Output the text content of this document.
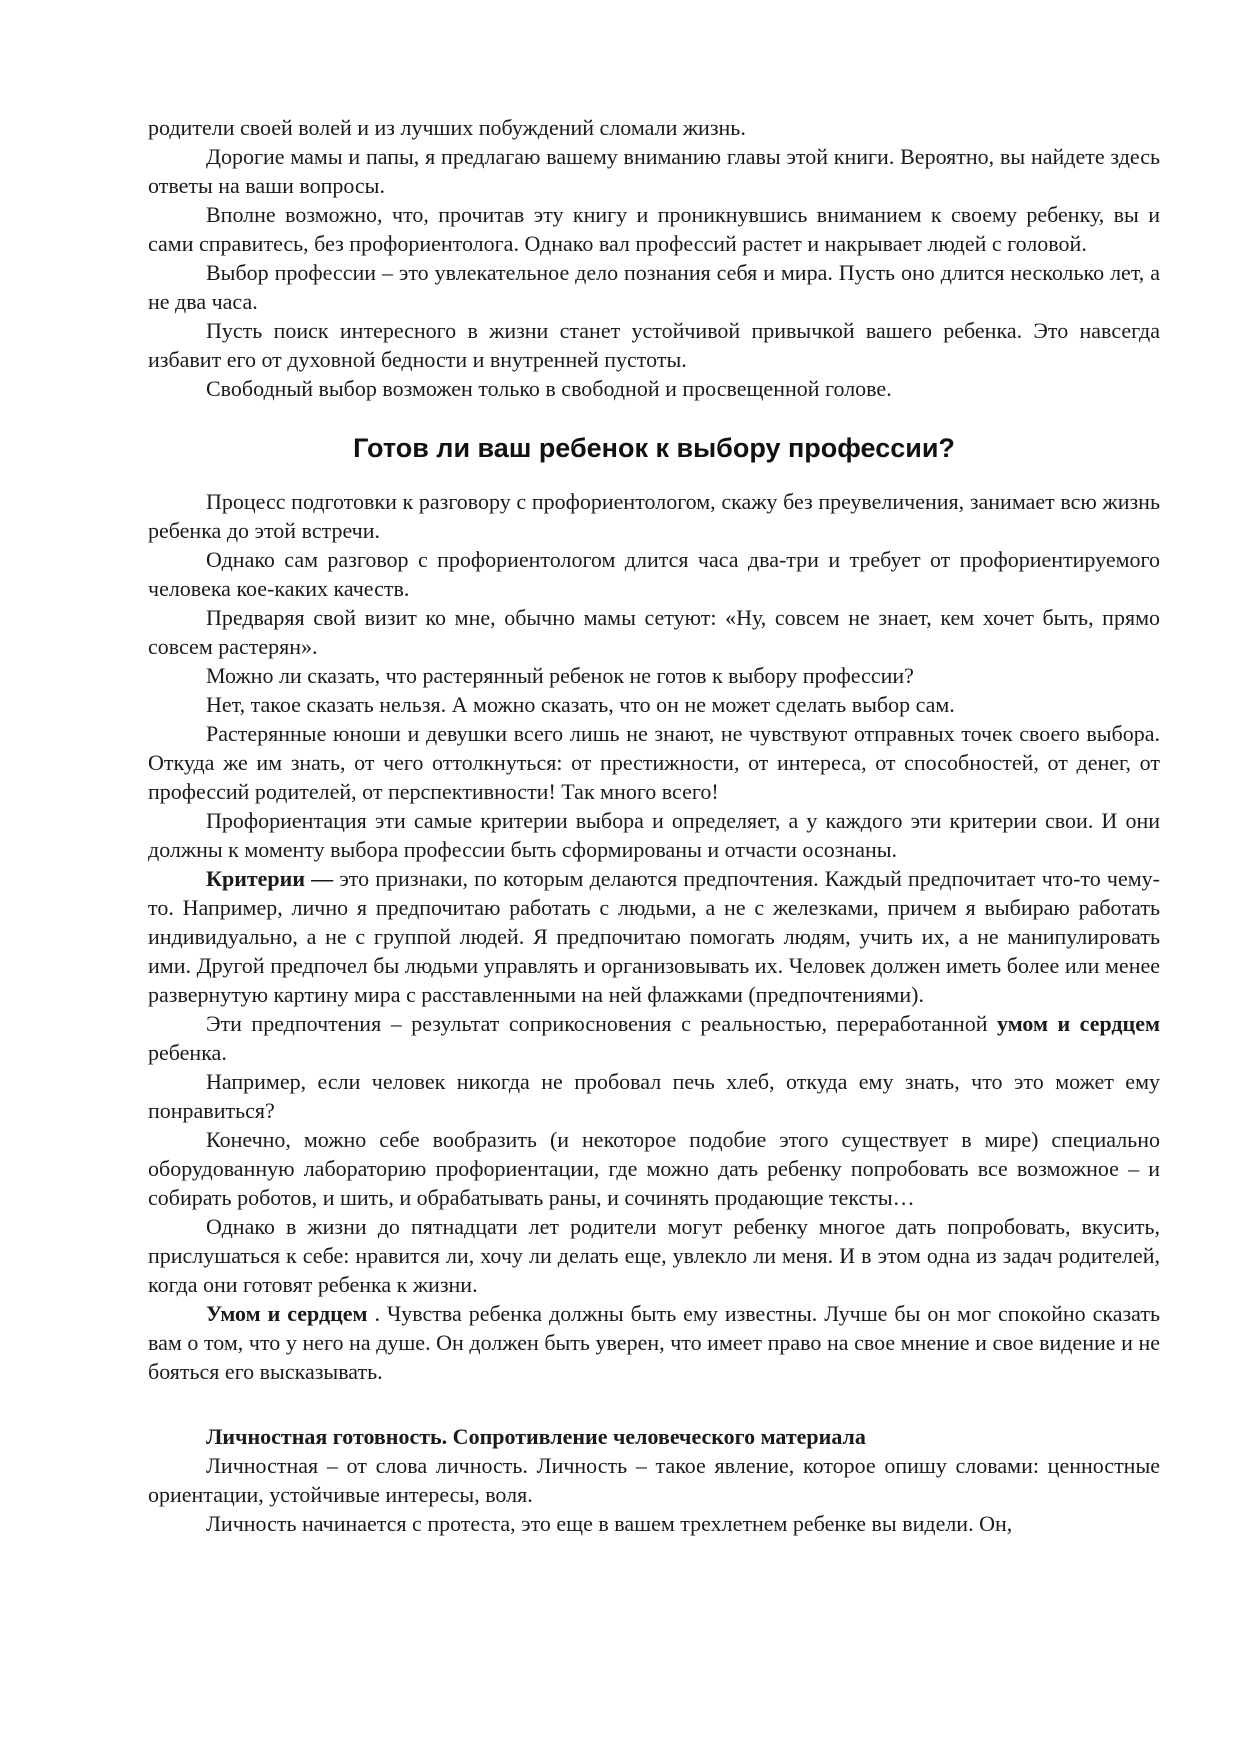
родители своей волей и из лучших побуждений сломали жизнь.

Дорогие мамы и папы, я предлагаю вашему вниманию главы этой книги. Вероятно, вы найдете здесь ответы на ваши вопросы.

Вполне возможно, что, прочитав эту книгу и проникнувшись вниманием к своему ребенку, вы и сами справитесь, без профориентолога. Однако вал профессий растет и накрывает людей с головой.

Выбор профессии – это увлекательное дело познания себя и мира. Пусть оно длится несколько лет, а не два часа.

Пусть поиск интересного в жизни станет устойчивой привычкой вашего ребенка. Это навсегда избавит его от духовной бедности и внутренней пустоты.

Свободный выбор возможен только в свободной и просвещенной голове.

Готов ли ваш ребенок к выбору профессии?

Процесс подготовки к разговору с профориентологом, скажу без преувеличения, занимает всю жизнь ребенка до этой встречи.

Однако сам разговор с профориентологом длится часа два-три и требует от профориентируемого человека кое-каких качеств.

Предваряя свой визит ко мне, обычно мамы сетуют: «Ну, совсем не знает, кем хочет быть, прямо совсем растерян».

Можно ли сказать, что растерянный ребенок не готов к выбору профессии?

Нет, такое сказать нельзя. А можно сказать, что он не может сделать выбор сам.

Растерянные юноши и девушки всего лишь не знают, не чувствуют отправных точек своего выбора. Откуда же им знать, от чего оттолкнуться: от престижности, от интереса, от способностей, от денег, от профессий родителей, от перспективности! Так много всего!

Профориентация эти самые критерии выбора и определяет, а у каждого эти критерии свои. И они должны к моменту выбора профессии быть сформированы и отчасти осознаны.

Критерии — это признаки, по которым делаются предпочтения. Каждый предпочитает что-то чему-то. Например, лично я предпочитаю работать с людьми, а не с железками, причем я выбираю работать индивидуально, а не с группой людей. Я предпочитаю помогать людям, учить их, а не манипулировать ими. Другой предпочел бы людьми управлять и организовывать их. Человек должен иметь более или менее развернутую картину мира с расставленными на ней флажками (предпочтениями).

Эти предпочтения – результат соприкосновения с реальностью, переработанной умом и сердцем ребенка.

Например, если человек никогда не пробовал печь хлеб, откуда ему знать, что это может ему понравиться?

Конечно, можно себе вообразить (и некоторое подобие этого существует в мире) специально оборудованную лабораторию профориентации, где можно дать ребенку попробовать все возможное – и собирать роботов, и шить, и обрабатывать раны, и сочинять продающие тексты…

Однако в жизни до пятнадцати лет родители могут ребенку многое дать попробовать, вкусить, прислушаться к себе: нравится ли, хочу ли делать еще, увлекло ли меня. И в этом одна из задач родителей, когда они готовят ребенка к жизни.

Умом и сердцем . Чувства ребенка должны быть ему известны. Лучше бы он мог спокойно сказать вам о том, что у него на душе. Он должен быть уверен, что имеет право на свое мнение и свое видение и не бояться его высказывать.

Личностная готовность. Сопротивление человеческого материала

Личностная – от слова личность. Личность – такое явление, которое опишу словами: ценностные ориентации, устойчивые интересы, воля.

Личность начинается с протеста, это еще в вашем трехлетнем ребенке вы видели. Он,
